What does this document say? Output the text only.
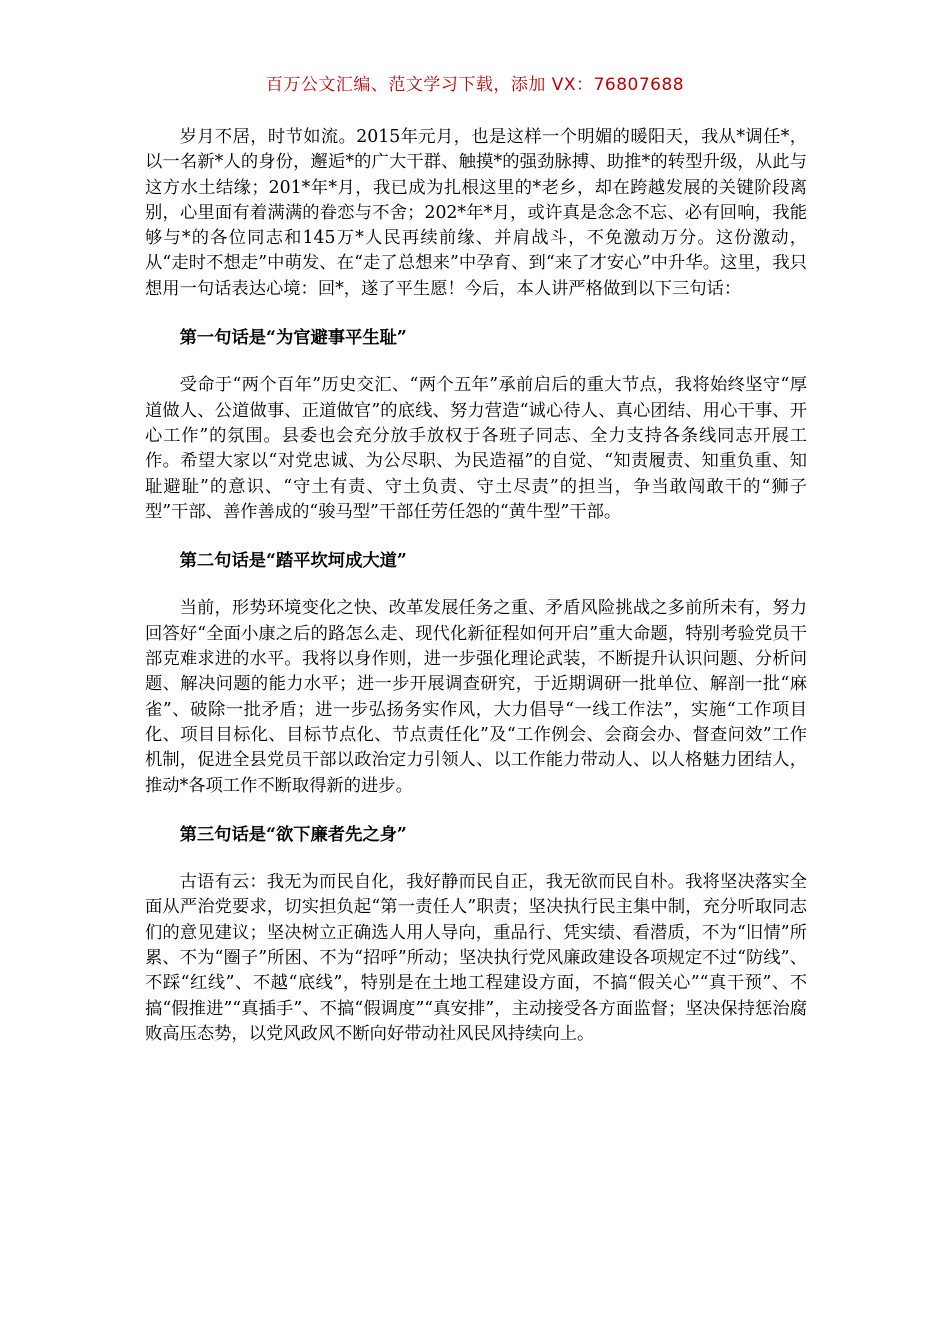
百万公文汇编、范文学习下载，添加 VX：76807688

岁月不居，时节如流。2015年元月，也是这样一个明媚的暖阳天，我从*调任*，以一名新*人的身份，邂逅*的广大干群、触摸*的强劲脉搏、助推*的转型升级，从此与这方水土结缘；201*年*月，我已成为扎根这里的*老乡，却在跨越发展的关键阶段离别，心里面有着满满的眷恋与不舍；202*年*月，或许真是念念不忘、必有回响，我能够与*的各位同志和145万*人民再续前缘、并肩战斗，不免激动万分。这份激动，从“走时不想走”中萌发、在“走了总想来”中孕育、到“来了才安心”中升华。这里，我只想用一句话表达心境：回*，遂了平生愿！今后，本人讲严格做到以下三句话：

第一句话是“为官避事平生耻”

受命于“两个百年”历史交汇、“两个五年”承前启后的重大节点，我将始终坚守“厚道做人、公道做事、正道做官”的底线、努力营造“诚心待人、真心团结、用心干事、开心工作”的氛围。县委也会充分放手放权于各班子同志、全力支持各条线同志开展工作。希望大家以“对党忠诚、为公尽职、为民造福”的自觉、“知责履责、知重负重、知耻避耻”的意识、“守土有责、守土负责、守土尽责”的担当，争当敢闯敢干的“狮子型”干部、善作善成的“骏马型”干部任劳任怨的“黄牛型”干部。

第二句话是“踏平坎坷成大道”

当前，形势环境变化之快、改革发展任务之重、矛盾风险挑战之多前所未有，努力回答好“全面小康之后的路怎么走、现代化新征程如何开启”重大命题，特别考验党员干部克难求进的水平。我将以身作则，进一步强化理论武装，不断提升认识问题、分析问题、解决问题的能力水平；进一步开展调查研究，于近期调研一批单位、解剖一批“麻雀”、破除一批矛盾；进一步弘扬务实作风，大力倡导“一线工作法”，实施“工作项目化、项目目标化、目标节点化、节点责任化”及“工作例会、会商会办、督查问效”工作机制，促进全县党员干部以政治定力引领人、以工作能力带动人、以人格魅力团结人，推动*各项工作不断取得新的进步。

第三句话是“欲下廉者先之身”

古语有云：我无为而民自化，我好静而民自正，我无欲而民自朴。我将坚决落实全面从严治党要求，切实担负起“第一责任人”职责；坚决执行民主集中制，充分听取同志们的意见建议；坚决树立正确选人用人导向，重品行、凭实绩、看潜质，不为“旧情”所累、不为“圈子”所困、不为“招呼”所动；坚决执行党风廉政建设各项规定不过“防线”、不踩“红线”、不越“底线”，特别是在土地工程建设方面，不搞“假关心”“真干预”、不搞“假推进”“真插手”、不搞“假调度”“真安排”，主动接受各方面监督；坚决保持惩治腐败高压态势，以党风政风不断向好带动社风民风持续向上。
